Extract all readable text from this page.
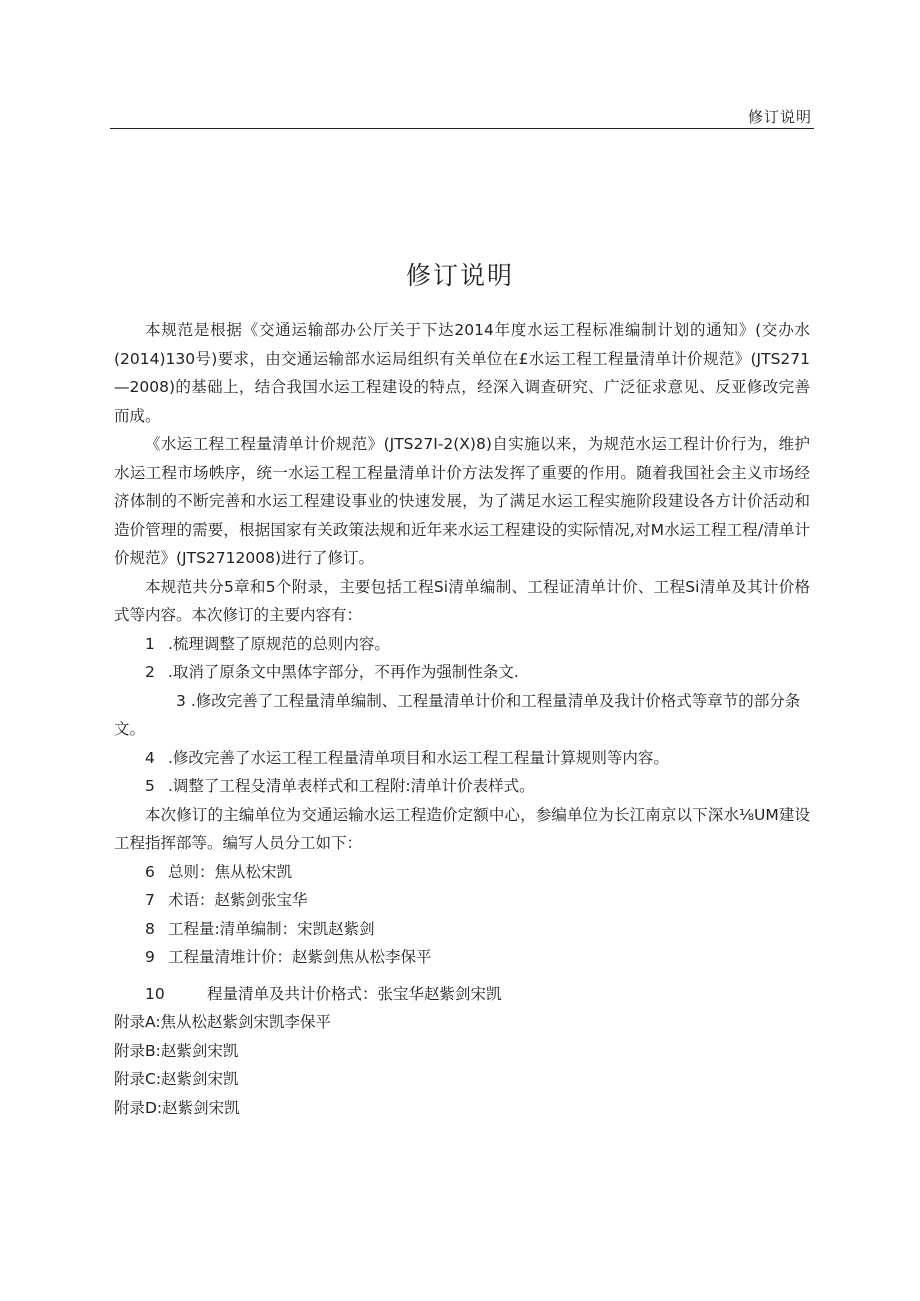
修订说明
修订说明

本规范是根据《交通运输部办公厅关于下达2014年度水运工程标准编制计划的通知》(交办水(2014)130号)要求，由交通运输部水运局组织有关单位在£水运工程工程量清单计价规范》(JTS271—2008)的基础上，结合我国水运工程建设的特点，经深入调查研究、广泛征求意见、反亚修改完善而成。

《水运工程工程量清单计价规范》(JTS27I-2(X)8)自实施以来，为规范水运工程计价行为，维护水运工程市场帙序，统一水运工程工程量清单计价方法发挥了重要的作用。随着我国社会主义市场经济体制的不断完善和水运工程建设事业的快速发展，为了满足水运工程实施阶段建设各方计价活动和造价管理的需要，根据国家有关政策法规和近年来水运工程建设的实际情况,对M水运工程工程/清单计价规范》(JTS2712008)进行了修订。

本规范共分5章和5个附录，主要包括工程Si清单编制、工程证清单计价、工程Si清单及其计价格式等内容。本次修订的主要内容有：

1 .梳理调整了原规范的总则内容。

2 .取消了原条文中黑体字部分，不再作为强制性条文.

3 .修改完善了工程量清单编制、工程量清单计价和工程量清单及我计价格式等章节的部分条文。

4 .修改完善了水运工程工程量清单项目和水运工程工程量计算规则等内容。

5 .调整了工程殳清单表样式和工程附:清单计价表样式。

本次修订的主编单位为交通运输水运工程造价定额中心，参编单位为长江南京以下深水⅛UM建设工程指挥部等。编写人员分工如下：

6 总则：焦从松宋凯

7 术语：赵紫剑张宝华

8 工程量:清单编制：宋凯赵紫剑

9 工程量清堆计价：赵紫剑焦从松李保平

10	程量清单及共计价格式：张宝华赵紫剑宋凯

附录A:焦从松赵紫剑宋凯李保平

附录B:赵紫剑宋凯

附录C:赵紫剑宋凯

附录D:赵紫剑宋凯
